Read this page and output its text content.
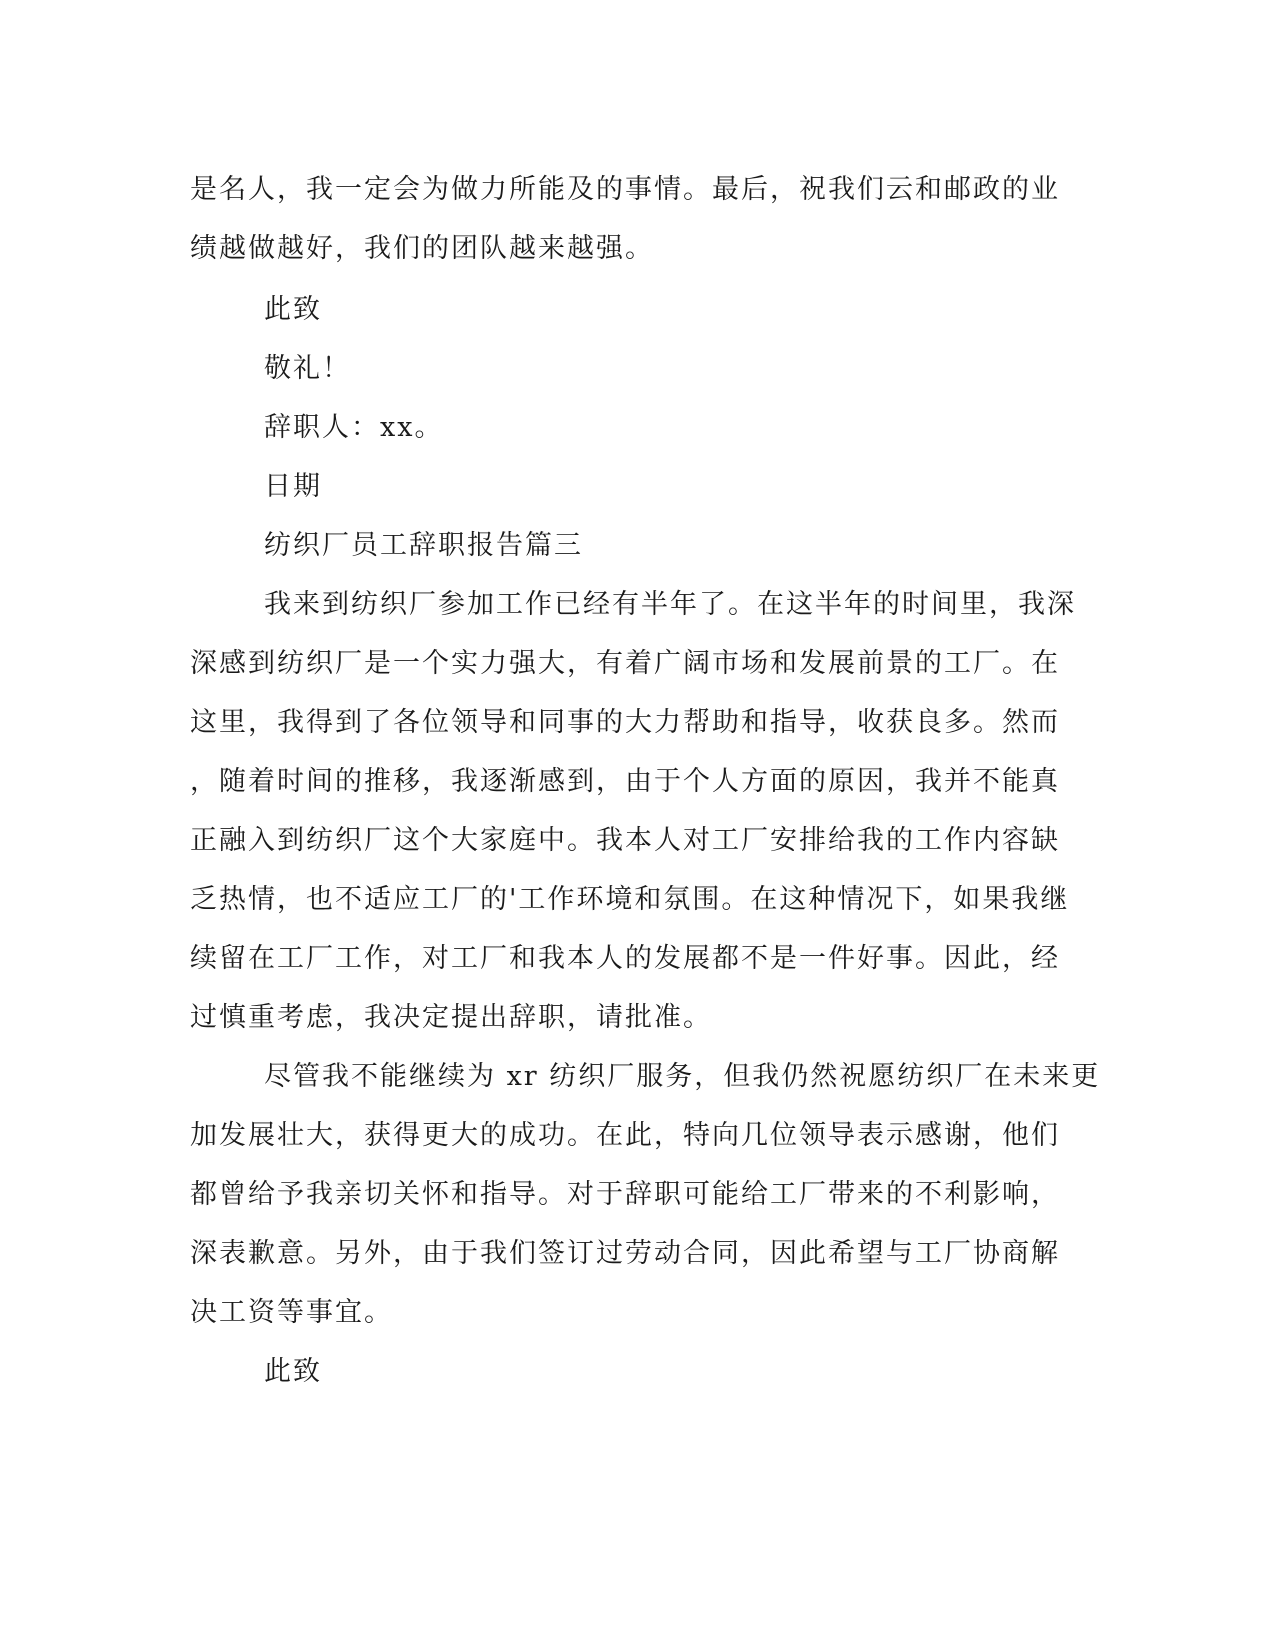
是名人，我一定会为做力所能及的事情。最后，祝我们云和邮政的业
绩越做越好，我们的团队越来越强。
此致
敬礼！
辞职人：xx。
日期
纺织厂员工辞职报告篇三
我来到纺织厂参加工作已经有半年了。在这半年的时间里，我深
深感到纺织厂是一个实力强大，有着广阔市场和发展前景的工厂。在
这里，我得到了各位领导和同事的大力帮助和指导，收获良多。然而
，随着时间的推移，我逐渐感到，由于个人方面的原因，我并不能真
正融入到纺织厂这个大家庭中。我本人对工厂安排给我的工作内容缺
乏热情，也不适应工厂的'工作环境和氛围。在这种情况下，如果我继
续留在工厂工作，对工厂和我本人的发展都不是一件好事。因此，经
过慎重考虑，我决定提出辞职，请批准。
尽管我不能继续为 xr 纺织厂服务，但我仍然祝愿纺织厂在未来更
加发展壮大，获得更大的成功。在此，特向几位领导表示感谢，他们
都曾给予我亲切关怀和指导。对于辞职可能给工厂带来的不利影响，
深表歉意。另外，由于我们签订过劳动合同，因此希望与工厂协商解
决工资等事宜。
此致
